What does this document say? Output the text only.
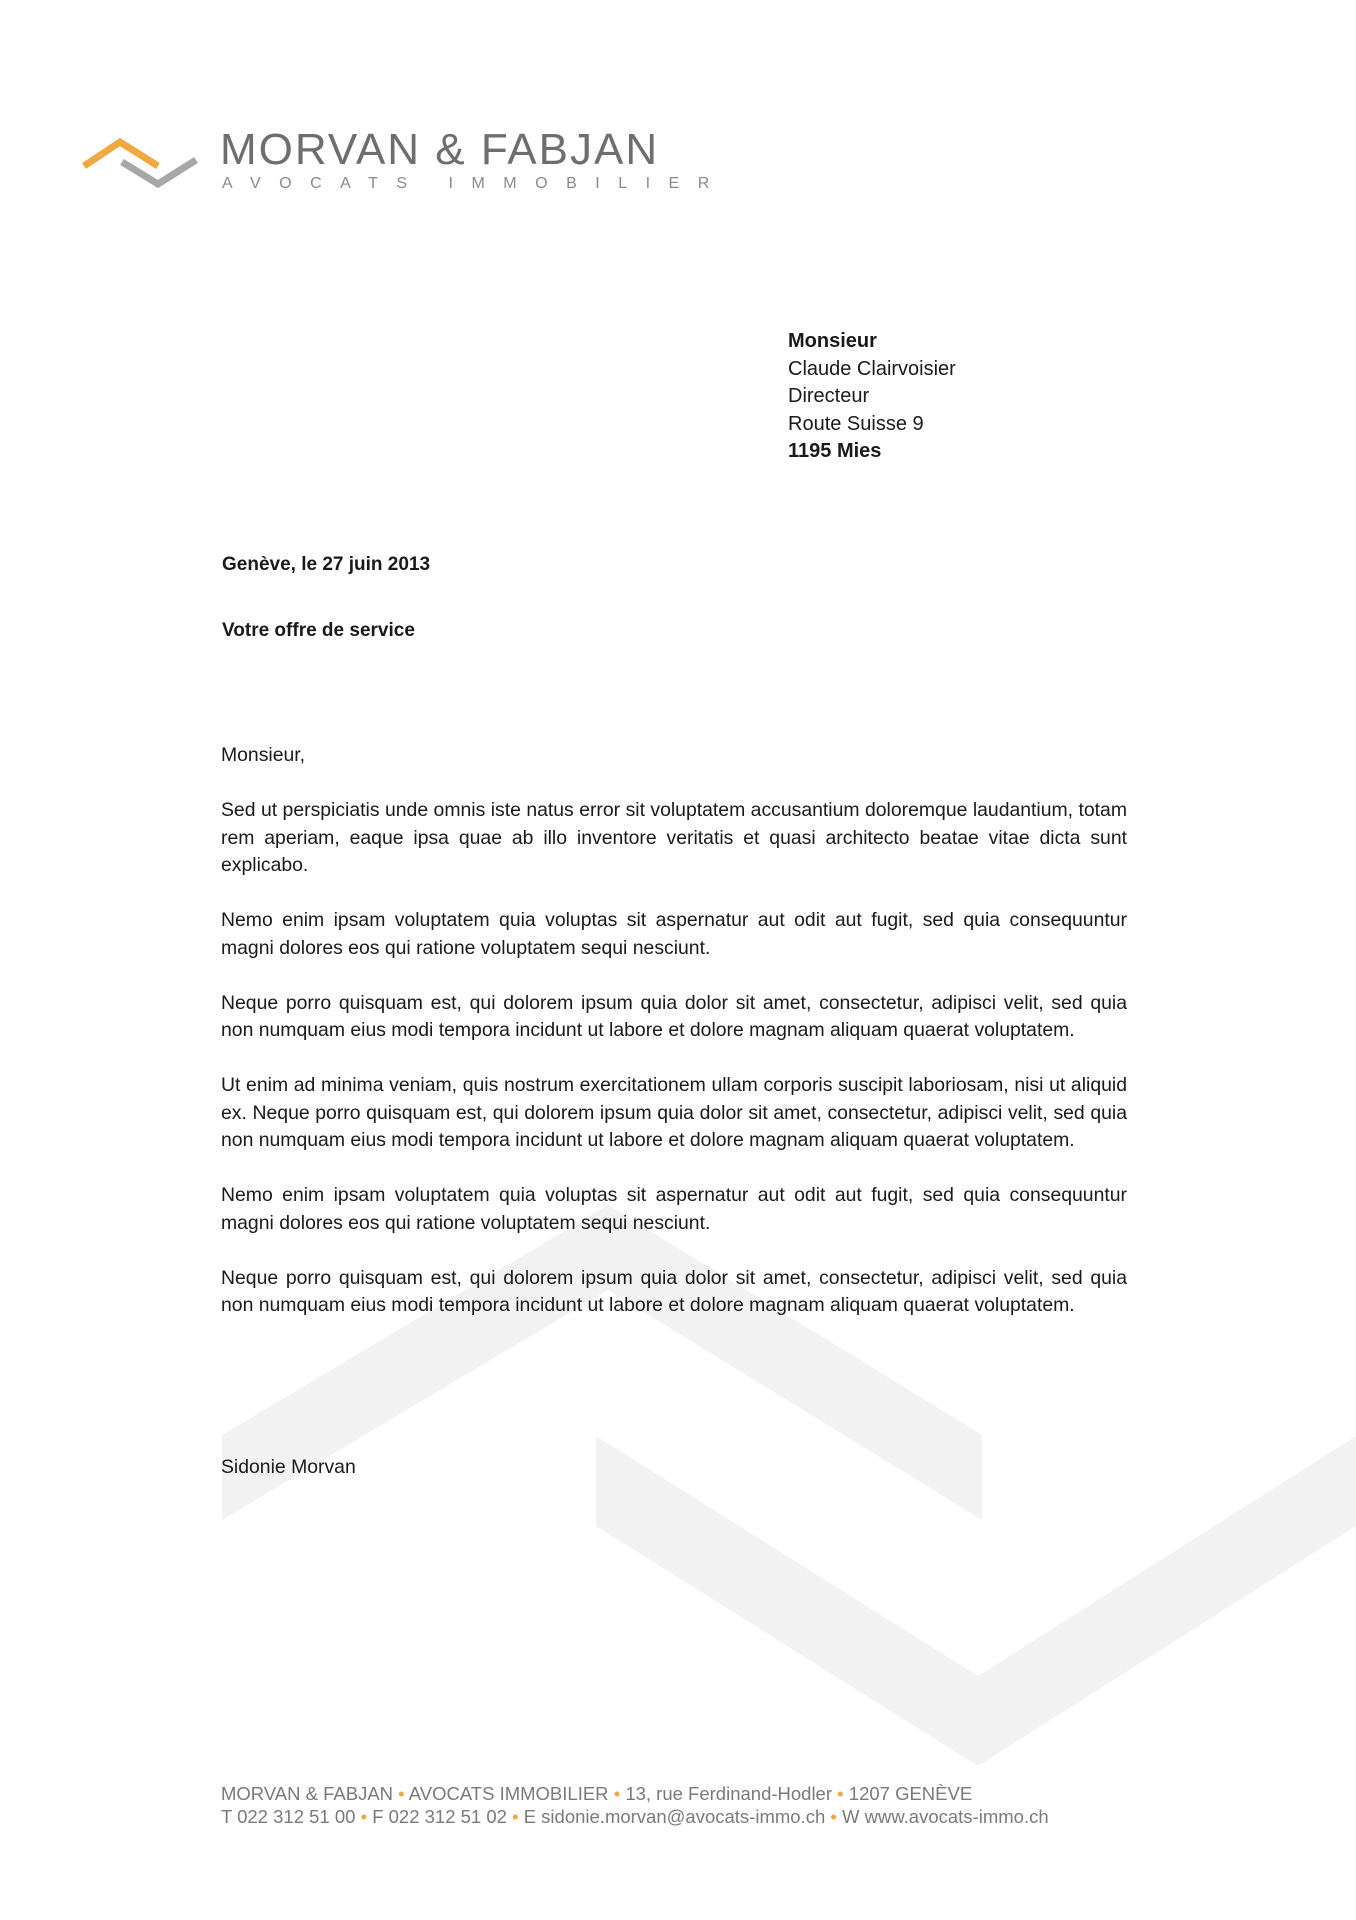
MORVAN & FABJAN
AVOCATS IMMOBILIER
Monsieur
Claude Clairvoisier
Directeur
Route Suisse 9
1195 Mies
Genève, le 27 juin 2013
Votre offre de service

Monsieur,

Sed ut perspiciatis unde omnis iste natus error sit voluptatem accusantium doloremque laudantium, totam rem aperiam, eaque ipsa quae ab illo inventore veritatis et quasi architecto beatae vitae dicta sunt explicabo.

Nemo enim ipsam voluptatem quia voluptas sit aspernatur aut odit aut fugit, sed quia consequuntur magni dolores eos qui ratione voluptatem sequi nesciunt.

Neque porro quisquam est, qui dolorem ipsum quia dolor sit amet, consectetur, adipisci velit, sed quia non numquam eius modi tempora incidunt ut labore et dolore magnam aliquam quaerat voluptatem.

Ut enim ad minima veniam, quis nostrum exercitationem ullam corporis suscipit laboriosam, nisi ut aliquid ex. Neque porro quisquam est, qui dolorem ipsum quia dolor sit amet, consectetur, adipisci velit, sed quia non numquam eius modi tempora incidunt ut labore et dolore magnam aliquam quaerat voluptatem.

Nemo enim ipsam voluptatem quia voluptas sit aspernatur aut odit aut fugit, sed quia consequuntur magni dolores eos qui ratione voluptatem sequi nesciunt.

Neque porro quisquam est, qui dolorem ipsum quia dolor sit amet, consectetur, adipisci velit, sed quia non numquam eius modi tempora incidunt ut labore et dolore magnam aliquam quaerat voluptatem.

Sidonie Morvan
MORVAN & FABJAN • AVOCATS IMMOBILIER • 13, rue Ferdinand-Hodler • 1207 GENÈVE
T 022 312 51 00 • F 022 312 51 02 • E sidonie.morvan@avocats-immo.ch • W www.avocats-immo.ch
